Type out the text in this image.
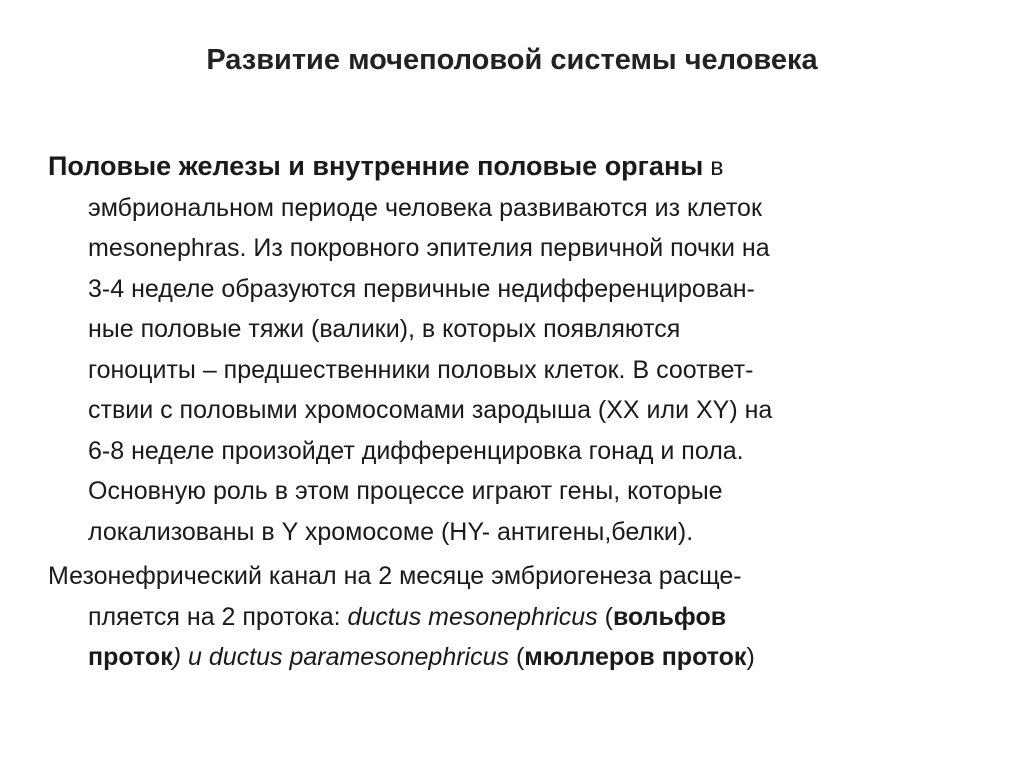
Развитие мочеполовой системы человека

Половые железы и внутренние половые органы в
эмбриональном периоде человека развиваются из клеток
mesonephras. Из покровного эпителия первичной почки на
3-4 неделе образуются первичные недифференцирован-
ные половые тяжи (валики), в которых появляются
гоноциты – предшественники половых клеток. В соответ-
ствии с половыми хромосомами зародыша (XX или XY) на
6-8 неделе произойдет дифференцировка гонад и пола.
Основную роль в этом процессе играют гены, которые
локализованы в Y хромосоме (HY- антигены,белки).

Мезонефрический канал на 2 месяце эмбриогенеза расще-
пляется на 2 протока: ductus mesonephricus (вольфов
проток) и ductus paramesonephricus (мюллеров проток)
